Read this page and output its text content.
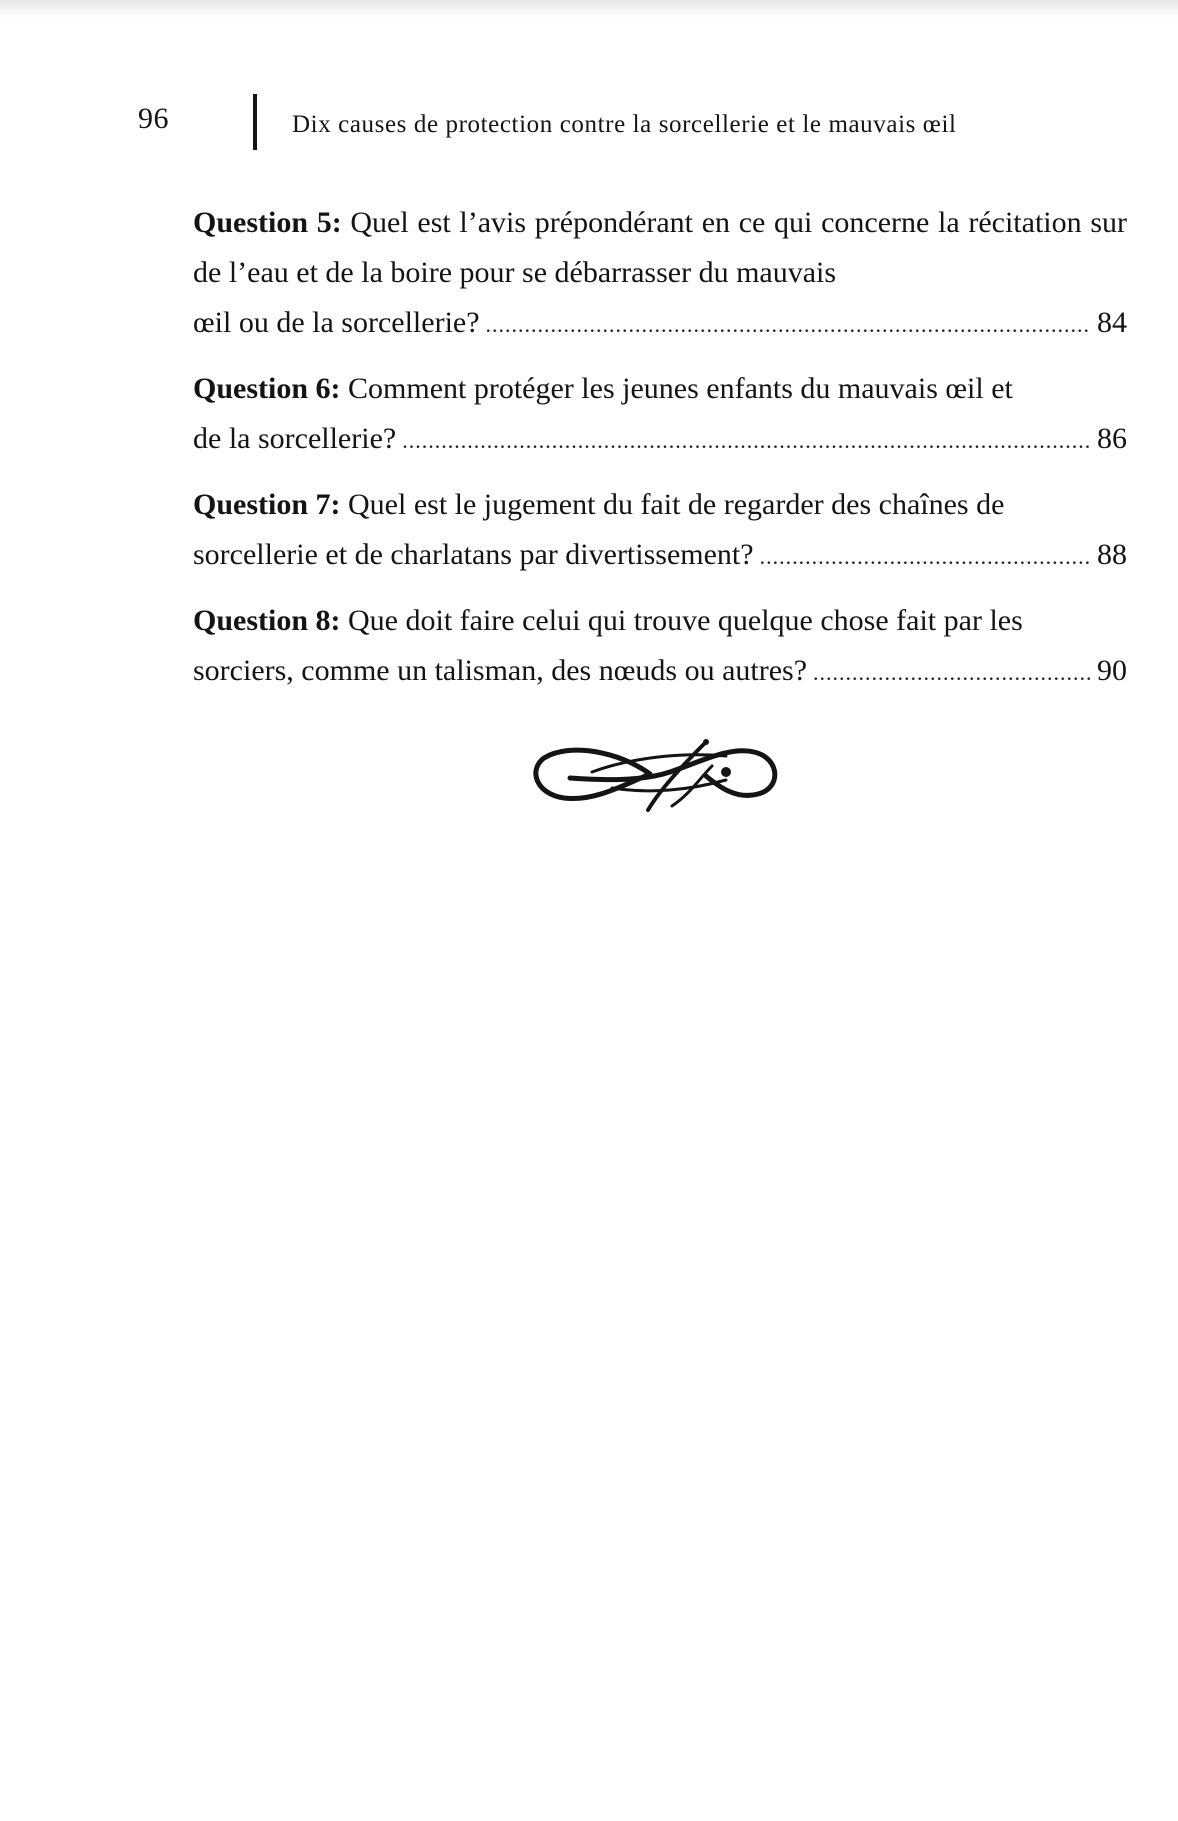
96	Dix causes de protection contre la sorcellerie et le mauvais œil
Question 5: Quel est l’avis prépondérant en ce qui concerne la récitation sur de l’eau et de la boire pour se débarrasser du mauvais
œil ou de la sorcellerie? .....	84
Question 6: Comment protéger les jeunes enfants du mauvais œil et
de la sorcellerie? .....	86
Question 7: Quel est le jugement du fait de regarder des chaînes de
sorcellerie et de charlatans par divertissement? .....	88
Question 8: Que doit faire celui qui trouve quelque chose fait par les
sorciers, comme un talisman, des nœuds ou autres? .....	90
